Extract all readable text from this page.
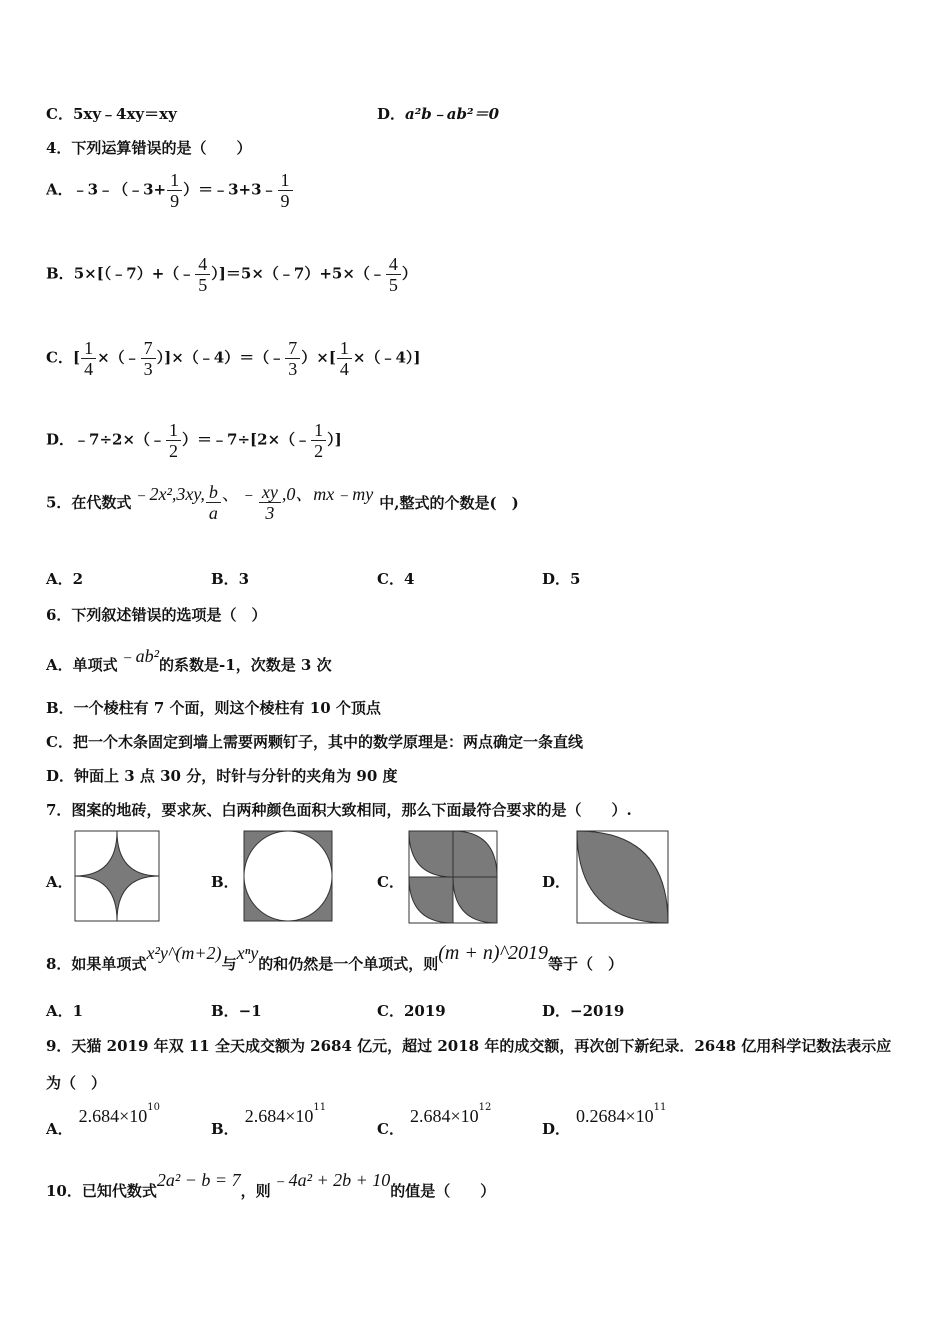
C．5xy﹣4xy＝xy	D．a²b﹣ab²＝0
4．下列运算错误的是（　　）
A．﹣3﹣（﹣3+ $\frac{1}{9}$ ）＝﹣3+3﹣ $\frac{1}{9}$
B．5×[（﹣7）+（﹣ $\frac{4}{5}$ ）]＝5×（﹣7）+5×（﹣ $\frac{4}{5}$ ）
C．[ $\frac{1}{4}$ ×（﹣ $\frac{7}{3}$ ）]×（﹣4）＝（﹣ $\frac{7}{3}$ ）×[ $\frac{1}{4}$ ×（﹣4）]
D．﹣7÷2×（﹣ $\frac{1}{2}$ ）＝﹣7÷[2×（﹣ $\frac{1}{2}$ ）]
5．在代数式﹣2x²,3xy, $\frac{b}{a}$ 、﹣ $\frac{xy}{3} ,0$、mx﹣my 中,整式的个数是(　)
A．2	B．3	C．4	D．5
6．下列叙述错误的选项是（　）
A．单项式﹣ab²的系数是-1，次数是 3 次
B．一个棱柱有 7 个面，则这个棱柱有 10 个顶点
C．把一个木条固定到墙上需要两颗钉子，其中的数学原理是：两点确定一条直线
D．钟面上 3 点 30 分，时针与分针的夹角为 90 度
7．图案的地砖，要求灰、白两种颜色面积大致相同，那么下面最符合要求的是（　　）.
A．	B．	C．	D．
8．如果单项式x²y^(m+2)与xⁿy的和仍然是一个单项式，则(m + n)^2019等于（　）
A．1	B．−1	C．2019	D．−2019
9．天猫 2019 年双 11 全天成交额为 2684 亿元，超过 2018 年的成交额，再次创下新纪录．2648 亿用科学记数法表示应
为（　）
A．$2.684\times 10^{10}$
B．$2.684\times 10^{11}$
C．$2.684\times 10^{12}$
D．$0.2684\times 10^{11}$
10．已知代数式2a² − b = 7，则﹣4a² + 2b + 10的值是（　　）
